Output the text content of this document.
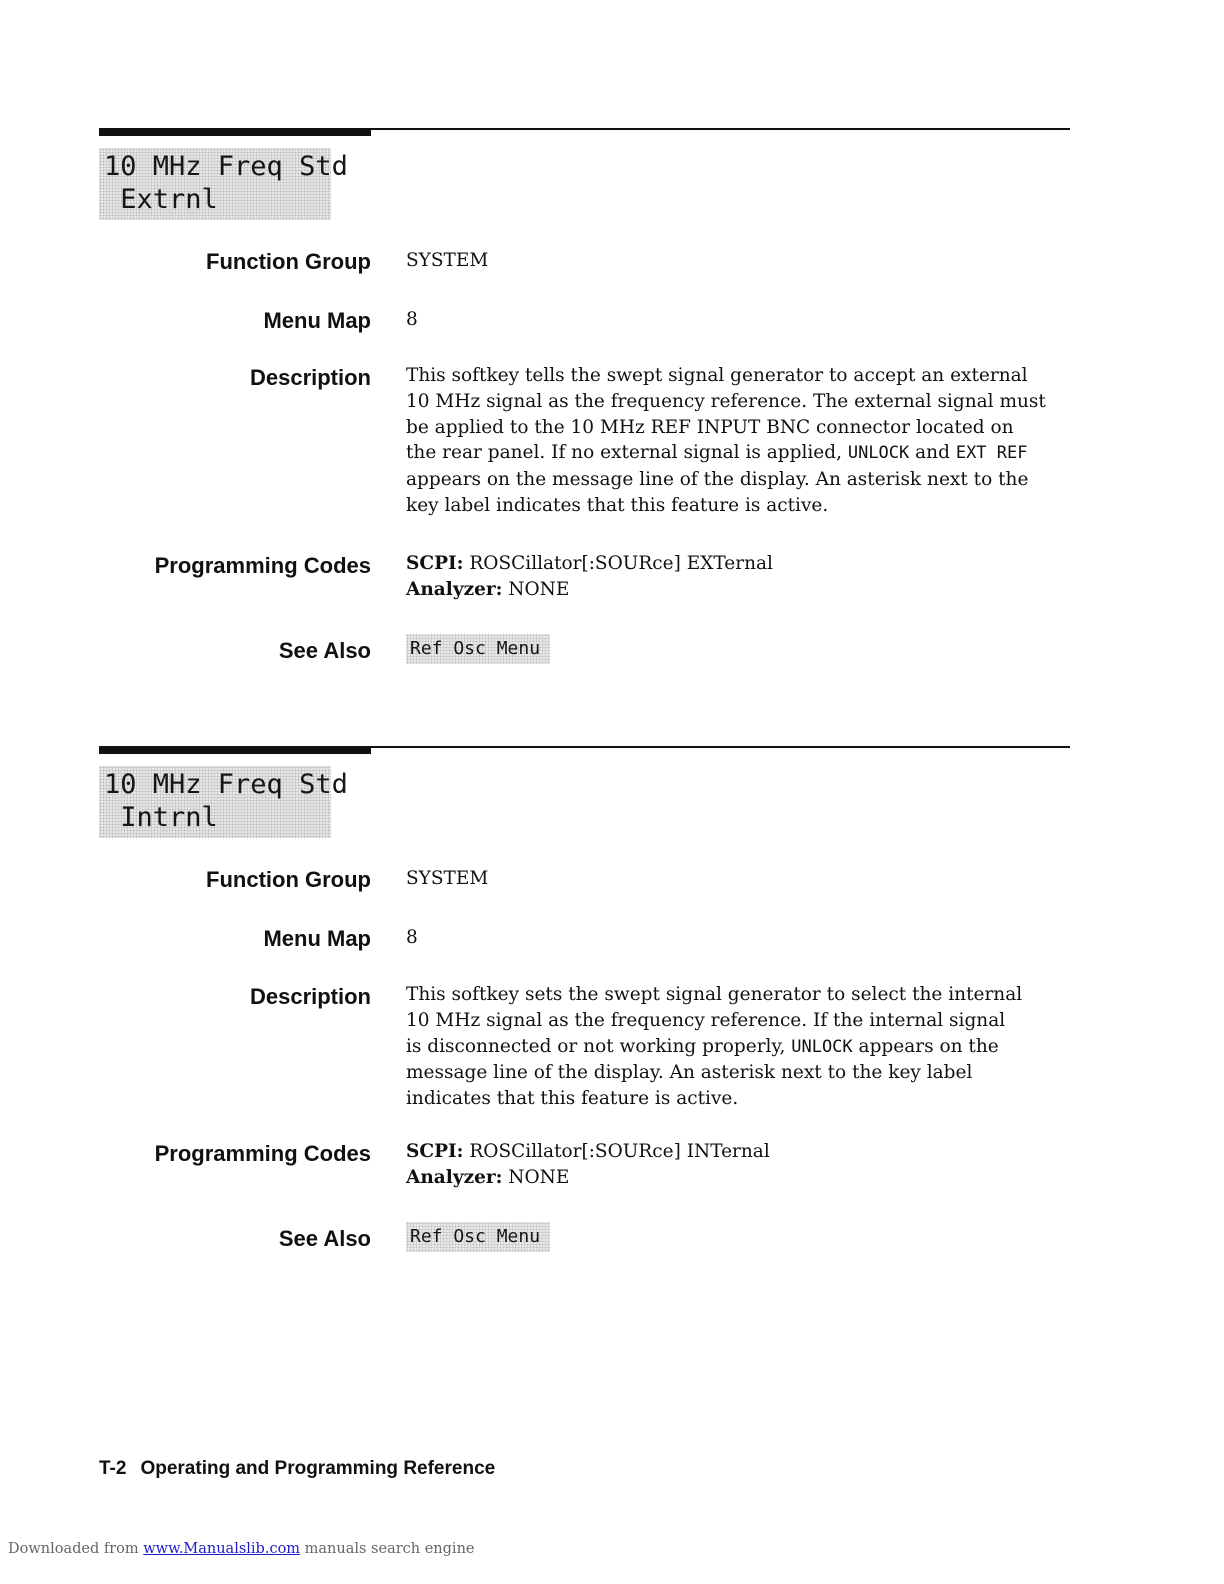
10 MHz Freq Std
Extrnl
Function Group SYSTEM
Menu Map 8
Description This softkey tells the swept signal generator to accept an external
10 MHz signal as the frequency reference. The external signal must
be applied to the 10 MHz REF INPUT BNC connector located on
the rear panel. If no external signal is applied, UNLOCK and EXT REF
appears on the message line of the display. An asterisk next to the
key label indicates that this feature is active.
Programming Codes SCPI: ROSCillator[:SOURce] EXTernal
Analyzer: NONE
See Also Ref Osc Menu
10 MHz Freq Std
Intrnl
Function Group SYSTEM
Menu Map 8
Description This softkey sets the swept signal generator to select the internal
10 MHz signal as the frequency reference. If the internal signal
is disconnected or not working properly, UNLOCK appears on the
message line of the display. An asterisk next to the key label
indicates that this feature is active.
Programming Codes SCPI: ROSCillator[:SOURce] INTernal
Analyzer: NONE
See Also Ref Osc Menu
T-2 Operating and Programming Reference
Downloaded from www.Manualslib.com manuals search engine
